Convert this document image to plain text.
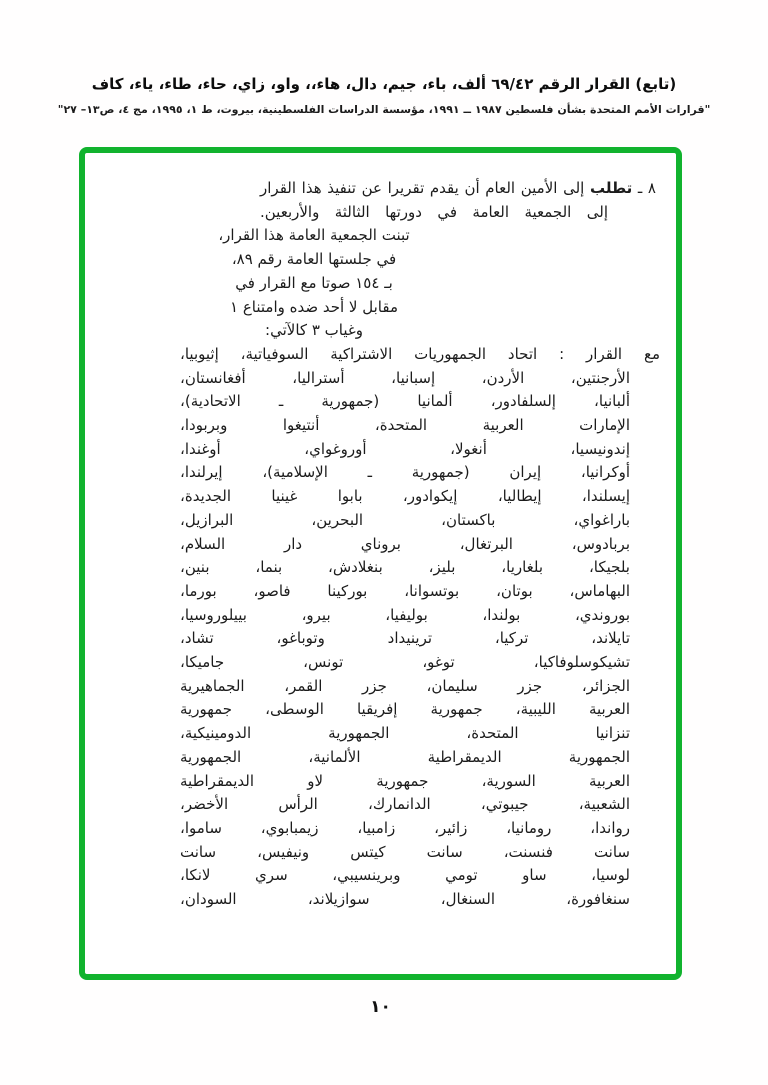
(تابع) القرار الرقم ٦٩/٤٢ ألف، باء، جيم، دال، هاء،، واو، زاي، حاء، طاء، ياء، كاف
"قرارات الأمم المتحدة بشأن فلسطين ١٩٨٧ ــ ١٩٩١، مؤسسة الدراسات الفلسطينية، بيروت، ط ١، ١٩٩٥، مج ٤، ص١٣– ٢٧"
٨ ـ تطلب إلى الأمين العام أن يقدم تقريرا عن تنفيذ هذا القرار
إلى الجمعية العامة في دورتها الثالثة والأربعين.
تبنت الجمعية العامة هذا القرار،
في جلستها العامة رقم ٨٩،
بـ ١٥٤ صوتا مع القرار في
مقابل لا أحد ضده وامتناع ١
وغياب ٣ كالآتي:
مع القرار : اتحاد الجمهوريات الاشتراكية السوفياتية، إثيوبيا،
الأرجنتين، الأردن، إسبانيا، أستراليا، أفغانستان،
ألبانيا، إلسلفادور، ألمانيا (جمهورية ـ الاتحادية)،
الإمارات العربية المتحدة، أنتيغوا وبربودا،
إندونيسيا، أنغولا، أوروغواي، أوغندا،
أوكرانيا، إيران (جمهورية ـ الإسلامية)، إيرلندا،
إيسلندا، إيطاليا، إيكوادور، بابوا غينيا الجديدة،
باراغواي، باكستان، البحرين، البرازيل،
بربادوس، البرتغال، بروناي دار السلام،
بلجيكا، بلغاريا، بليز، بنغلادش، بنما، بنين،
البهاماس، بوتان، بوتسوانا، بوركينا فاصو، بورما،
بوروندي، بولندا، بوليفيا، بيرو، بييلوروسيا،
تايلاند، تركيا، ترينيداد وتوباغو، تشاد،
تشيكوسلوفاكيا، توغو، تونس، جاميكا،
الجزائر، جزر سليمان، جزر القمر، الجماهيرية
العربية الليبية، جمهورية إفريقيا الوسطى، جمهورية
تنزانيا المتحدة، الجمهورية الدومينيكية،
الجمهورية الديمقراطية الألمانية، الجمهورية
العربية السورية، جمهورية لاو الديمقراطية
الشعبية، جيبوتي، الدانمارك، الرأس الأخضر،
رواندا، رومانيا، زائير، زامبيا، زيمبابوي، ساموا،
سانت فنسنت، سانت كيتس ونيفيس، سانت
لوسيا، ساو تومي وبرينسيبي، سري لانكا،
سنغافورة، السنغال، سوازيلاند، السودان،
١٠
